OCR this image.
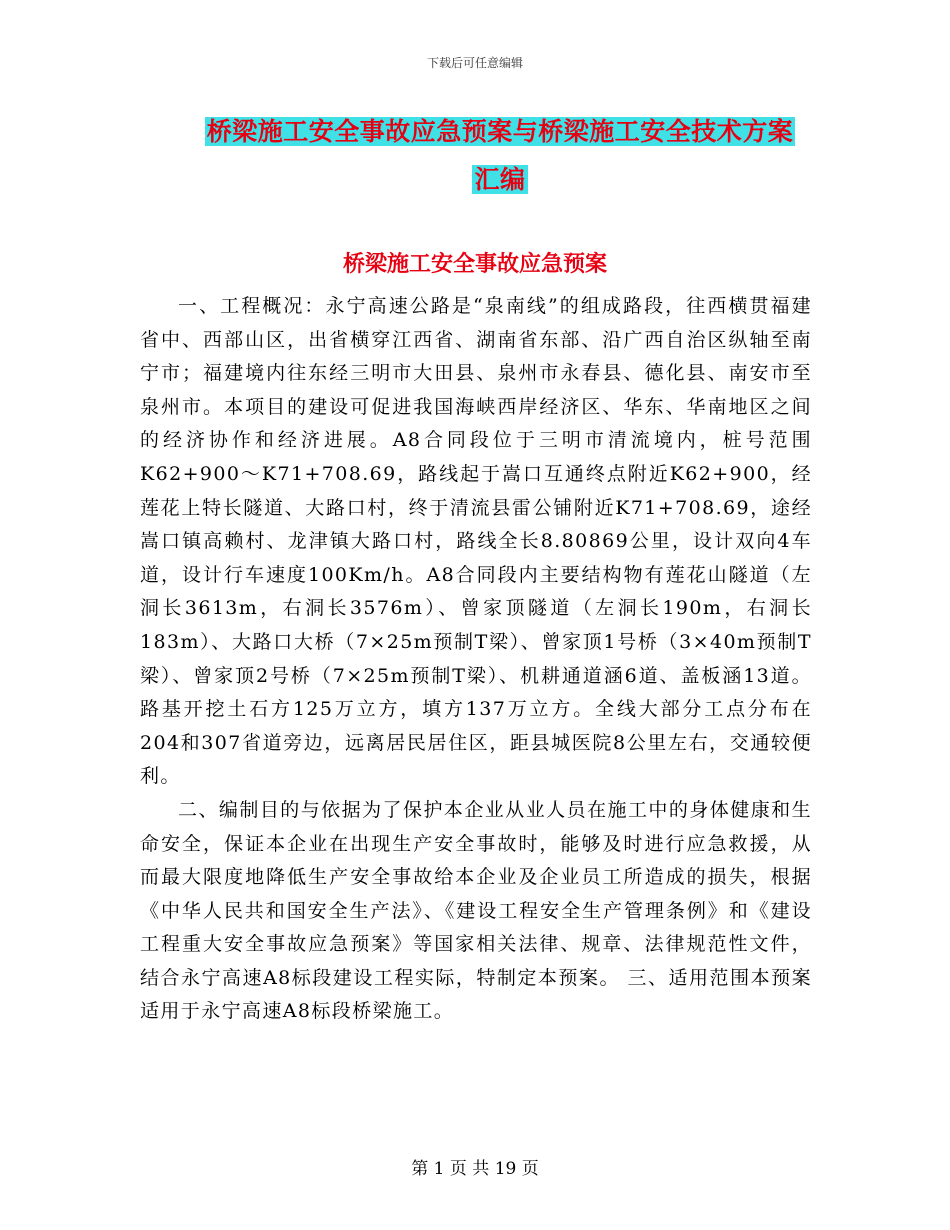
下载后可任意编辑
桥梁施工安全事故应急预案与桥梁施工安全技术方案
汇编
桥梁施工安全事故应急预案

一、工程概况：永宁高速公路是“泉南线”的组成路段，往西横贯福建省中、西部山区，出省横穿江西省、湖南省东部、沿广西自治区纵轴至南宁市；福建境内往东经三明市大田县、泉州市永春县、德化县、南安市至泉州市。本项目的建设可促进我国海峡西岸经济区、华东、华南地区之间的经济协作和经济进展。A8合同段位于三明市清流境内，桩号范围K62+900～K71+708.69，路线起于嵩口互通终点附近K62+900，经莲花上特长隧道、大路口村，终于清流县雷公铺附近K71+708.69，途经嵩口镇高赖村、龙津镇大路口村，路线全长8.80869公里，设计双向4车道，设计行车速度100Km/h。A8合同段内主要结构物有莲花山隧道（左洞长3613m，右洞长3576m）、曾家顶隧道（左洞长190m，右洞长183m）、大路口大桥（7×25m预制T梁）、曾家顶1号桥（3×40m预制T梁）、曾家顶2号桥（7×25m预制T梁）、机耕通道涵6道、盖板涵13道。路基开挖土石方125万立方，填方137万立方。全线大部分工点分布在204和307省道旁边，远离居民居住区，距县城医院8公里左右，交通较便利。

二、编制目的与依据为了保护本企业从业人员在施工中的身体健康和生命安全，保证本企业在出现生产安全事故时，能够及时进行应急救援，从而最大限度地降低生产安全事故给本企业及企业员工所造成的损失，根据《中华人民共和国安全生产法》、《建设工程安全生产管理条例》和《建设工程重大安全事故应急预案》等国家相关法律、规章、法律规范性文件，结合永宁高速A8标段建设工程实际，特制定本预案。 三、适用范围本预案适用于永宁高速A8标段桥梁施工。

第 1 页 共 19 页
